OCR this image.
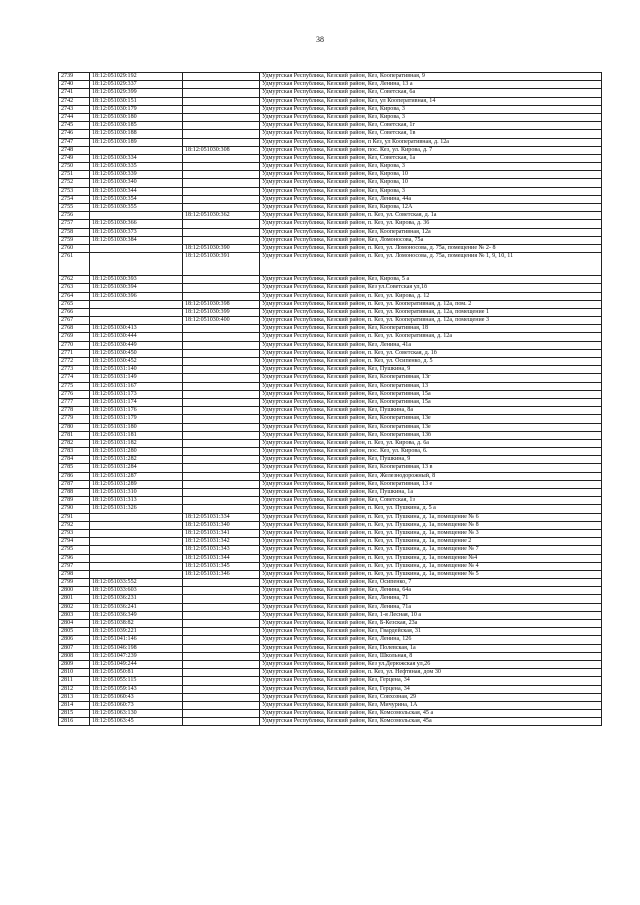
38
2739	18:12:051029:192		Удмуртская Республика, Кезский район, Кез, Кооперативная, 9
2740	18:12:051029:337		Удмуртская Республика, Кезский район, Кез, Ленина, 13 а
2741	18:12:051029:399		Удмуртская Республика, Кезский район, Кез, Советская, 6а
2742	18:12:051030:151		Удмуртская Республика, Кезский район, Кез, ул Кооперативная, 14
2743	18:12:051030:179		Удмуртская Республика, Кезский район, Кез, Кирова, 3
2744	18:12:051030:180		Удмуртская Республика, Кезский район, Кез, Кирова, 3
2745	18:12:051030:185		Удмуртская Республика, Кезский район, Кез, Советская, 1г
2746	18:12:051030:188		Удмуртская Республика, Кезский район, Кез, Советская, 1в
2747	18:12:051030:189		Удмуртская Республика, Кезский район, п Кез, ул Кооперативная, д. 12а
2748		18:12:051030:308	Удмуртская Республика, Кезский район, пос. Кез, ул. Кирова, д. 7
2749	18:12:051030:334		Удмуртская Республика, Кезский район, Кез, Советская, 1а
2750	18:12:051030:335		Удмуртская Республика, Кезский район, Кез, Кирова, 3
2751	18:12:051030:339		Удмуртская Республика, Кезский район, Кез, Кирова, 10
2752	18:12:051030:340		Удмуртская Республика, Кезский район, Кез, Кирова, 10
2753	18:12:051030:344		Удмуртская Республика, Кезский район, Кез, Кирова, 3
2754	18:12:051030:354		Удмуртская Республика, Кезский район, Кез, Ленина, 44а
2755	18:12:051030:355		Удмуртская Республика, Кезский район, Кез, Кирова, 12А
2756		18:12:051030:362	Удмуртская Республика, Кезский район, п. Кез, ул. Советская, д. 1а
2757	18:12:051030:366		Удмуртская Республика, Кезский район, п. Кез, ул. Кирова, д. 36
2758	18:12:051030:373		Удмуртская Республика, Кезский район, Кез, Кооперативная, 12а
2759	18:12:051030:384		Удмуртская Республика, Кезский район, Кез, Ломоносова, 75а
2760		18:12:051030:390	Удмуртская Республика, Кезский район, п. Кез, ул. Ломоносова, д. 75а, помещение № 2- 8
2761		18:12:051030:391	Удмуртская Республика, Кезский район, п. Кез, ул. Ломоносова, д. 75а, помещения № 1, 9, 10, 11
2762	18:12:051030:393		Удмуртская Республика, Кезский район, Кез, Кирова, 5 а
2763	18:12:051030:394		Удмуртская Республика, Кезский район, Кез ул.Советская ул,1б
2764	18:12:051030:396		Удмуртская Республика, Кезский район, п. Кез, ул. Кирова, д. 12
2765		18:12:051030:398	Удмуртская Республика, Кезский район, п. Кез, ул. Кооперативная, д. 12а, пом. 2
2766		18:12:051030:399	Удмуртская Республика, Кезский район, п. Кез, ул. Кооперативная, д. 12а, помещение 1
2767		18:12:051030:400	Удмуртская Республика, Кезский район, п. Кез, ул. Кооперативная, д. 12а, помещение 3
2768	18:12:051030:413		Удмуртская Республика, Кезский район, Кез, Кооперативная, 18
2769	18:12:051030:444		Удмуртская Республика, Кезский район, п. Кез, ул. Кооперативная, д. 12а
2770	18:12:051030:449		Удмуртская Республика, Кезский район, Кез, Ленина, 41а
2771	18:12:051030:450		Удмуртская Республика, Кезский район, п. Кез, ул. Советская, д. 1б
2772	18:12:051030:452		Удмуртская Республика, Кезский район, п. Кез, ул. Осипенко, д. 5
2773	18:12:051031:140		Удмуртская Республика, Кезский район, Кез, Пушкина, 9
2774	18:12:051031:149		Удмуртская Республика, Кезский район, Кез, Кооперативная, 13г
2775	18:12:051031:167		Удмуртская Республика, Кезский район, Кез, Кооперативная, 13
2776	18:12:051031:173		Удмуртская Республика, Кезский район, Кез, Кооперативная, 15а
2777	18:12:051031:174		Удмуртская Республика, Кезский район, Кез, Кооперативная, 15а
2778	18:12:051031:176		Удмуртская Республика, Кезский район, Кез, Пушкина, 8а
2779	18:12:051031:179		Удмуртская Республика, Кезский район, Кез, Кооперативная, 13е
2780	18:12:051031:180		Удмуртская Республика, Кезский район, Кез, Кооперативная, 13е
2781	18:12:051031:181		Удмуртская Республика, Кезский район, Кез, Кооперативная, 13б
2782	18:12:051031:182		Удмуртская Республика, Кезский район, п. Кез, ул. Кирова, д. 6а
2783	18:12:051031:280		Удмуртская Республика, Кезский район, пос. Кез, ул. Кирова, 6.
2784	18:12:051031:282		Удмуртская Республика, Кезский район, Кез, Пушкина, 9
2785	18:12:051031:284		Удмуртская Республика, Кезский район, Кез, Кооперативная, 13 в
2786	18:12:051031:287		Удмуртская Республика, Кезский район, Кез, Железнодорожный, 8
2787	18:12:051031:289		Удмуртская Республика, Кезский район, Кез, Кооперативная, 13 е
2788	18:12:051031:310		Удмуртская Республика, Кезский район, Кез, Пушкина, 1а
2789	18:12:051031:313		Удмуртская Республика, Кезский район, Кез, Советская, 1з
2790	18:12:051031:326		Удмуртская Республика, Кезский район, п. Кез, ул. Пушкина, д. 5 а
2791		18:12:051031:334	Удмуртская Республика, Кезский район, п. Кез, ул. Пушкина, д. 1а, помещение № 6
2792		18:12:051031:340	Удмуртская Республика, Кезский район, п. Кез, ул. Пушкина, д. 1а, помещение № 8
2793		18:12:051031:341	Удмуртская Республика, Кезский район, п. Кез, ул. Пушкина, д. 1а, помещение № 3
2794		18:12:051031:342	Удмуртская Республика, Кезский район, п. Кез, ул. Пушкина, д. 1а, помещение 2
2795		18:12:051031:343	Удмуртская Республика, Кезский район, п. Кез, ул. Пушкина, д. 1а, помещение № 7
2796		18:12:051031:344	Удмуртская Республика, Кезский район, п. Кез, ул. Пушкина, д. 1а, помещение №4
2797		18:12:051031:345	Удмуртская Республика, Кезский район, п. Кез, ул. Пушкина, д. 1а, помещение № 4
2798		18:12:051031:346	Удмуртская Республика, Кезский район, п. Кез, ул. Пушкина, д. 1а, помещение № 5
2799	18:12:051033:552		Удмуртская Республика, Кезский район, Кез, Осипенко, 7
2800	18:12:051033:603		Удмуртская Республика, Кезский район, Кез, Ленина, 64а
2801	18:12:051036:231		Удмуртская Республика, Кезский район, Кез, Ленина, 71
2802	18:12:051036:241		Удмуртская Республика, Кезский район, Кез, Ленина, 71а
2803	18:12:051036:349		Удмуртская Республика, Кезский район, Кез, 1-я Лесная, 10 а
2804	18:12:051038:82		Удмуртская Республика, Кезский район, Кез, Б-Кезская, 23а
2805	18:12:051039:221		Удмуртская Республика, Кезский район, Кез, Гвардейская, 31
2806	18:12:051041:146		Удмуртская Республика, Кезский район, Кез, Ленина, 126
2807	18:12:051046:198		Удмуртская Республика, Кезский район, Кез, Полевская, 1а
2808	18:12:051047:239		Удмуртская Республика, Кезский район, Кез, Школьная, 8
2809	18:12:051049:244		Удмуртская Республика, Кезский район, Кез ул.Дерюжская ул,26
2810	18:12:051050:81		Удмуртская Республика, Кезский район, п. Кез, ул. Нефтяная, дом 30
2811	18:12:051055:115		Удмуртская Республика, Кезский район, Кез, Герцена, 34
2812	18:12:051059:143		Удмуртская Республика, Кезский район, Кез, Герцена, 34
2813	18:12:051060:43		Удмуртская Республика, Кезский район, Кез, Совхозная, 29
2814	18:12:051060:73		Удмуртская Республика, Кезский район, Кез, Мичурина, 1А
2815	18:12:051063:130		Удмуртская Республика, Кезский район, Кез, Комсомольская, 45 а
2816	18:12:051063:45		Удмуртская Республика, Кезский район, Кез, Комсомольская, 45а
